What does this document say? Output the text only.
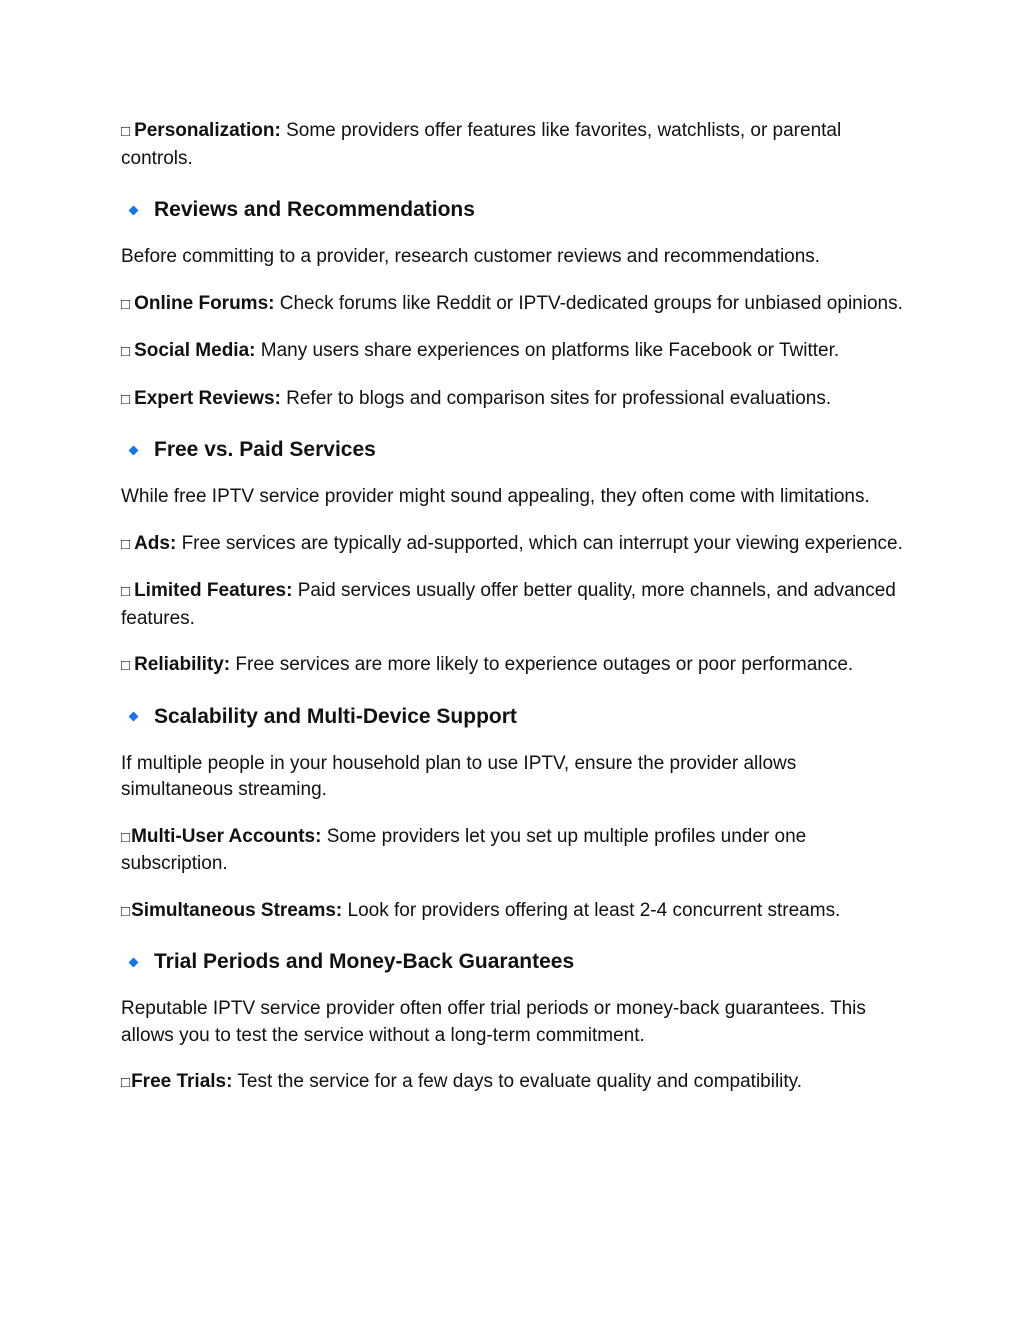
□ Personalization: Some providers offer features like favorites, watchlists, or parental controls.

Reviews and Recommendations

Before committing to a provider, research customer reviews and recommendations.

□ Online Forums: Check forums like Reddit or IPTV-dedicated groups for unbiased opinions.

□ Social Media: Many users share experiences on platforms like Facebook or Twitter.

□ Expert Reviews: Refer to blogs and comparison sites for professional evaluations.

Free vs. Paid Services

While free IPTV service provider might sound appealing, they often come with limitations.

□ Ads: Free services are typically ad-supported, which can interrupt your viewing experience.

□ Limited Features: Paid services usually offer better quality, more channels, and advanced features.

□ Reliability: Free services are more likely to experience outages or poor performance.

Scalability and Multi-Device Support

If multiple people in your household plan to use IPTV, ensure the provider allows simultaneous streaming.

□Multi-User Accounts: Some providers let you set up multiple profiles under one subscription.

□Simultaneous Streams: Look for providers offering at least 2-4 concurrent streams.

Trial Periods and Money-Back Guarantees

Reputable IPTV service provider often offer trial periods or money-back guarantees. This allows you to test the service without a long-term commitment.

□Free Trials: Test the service for a few days to evaluate quality and compatibility.
